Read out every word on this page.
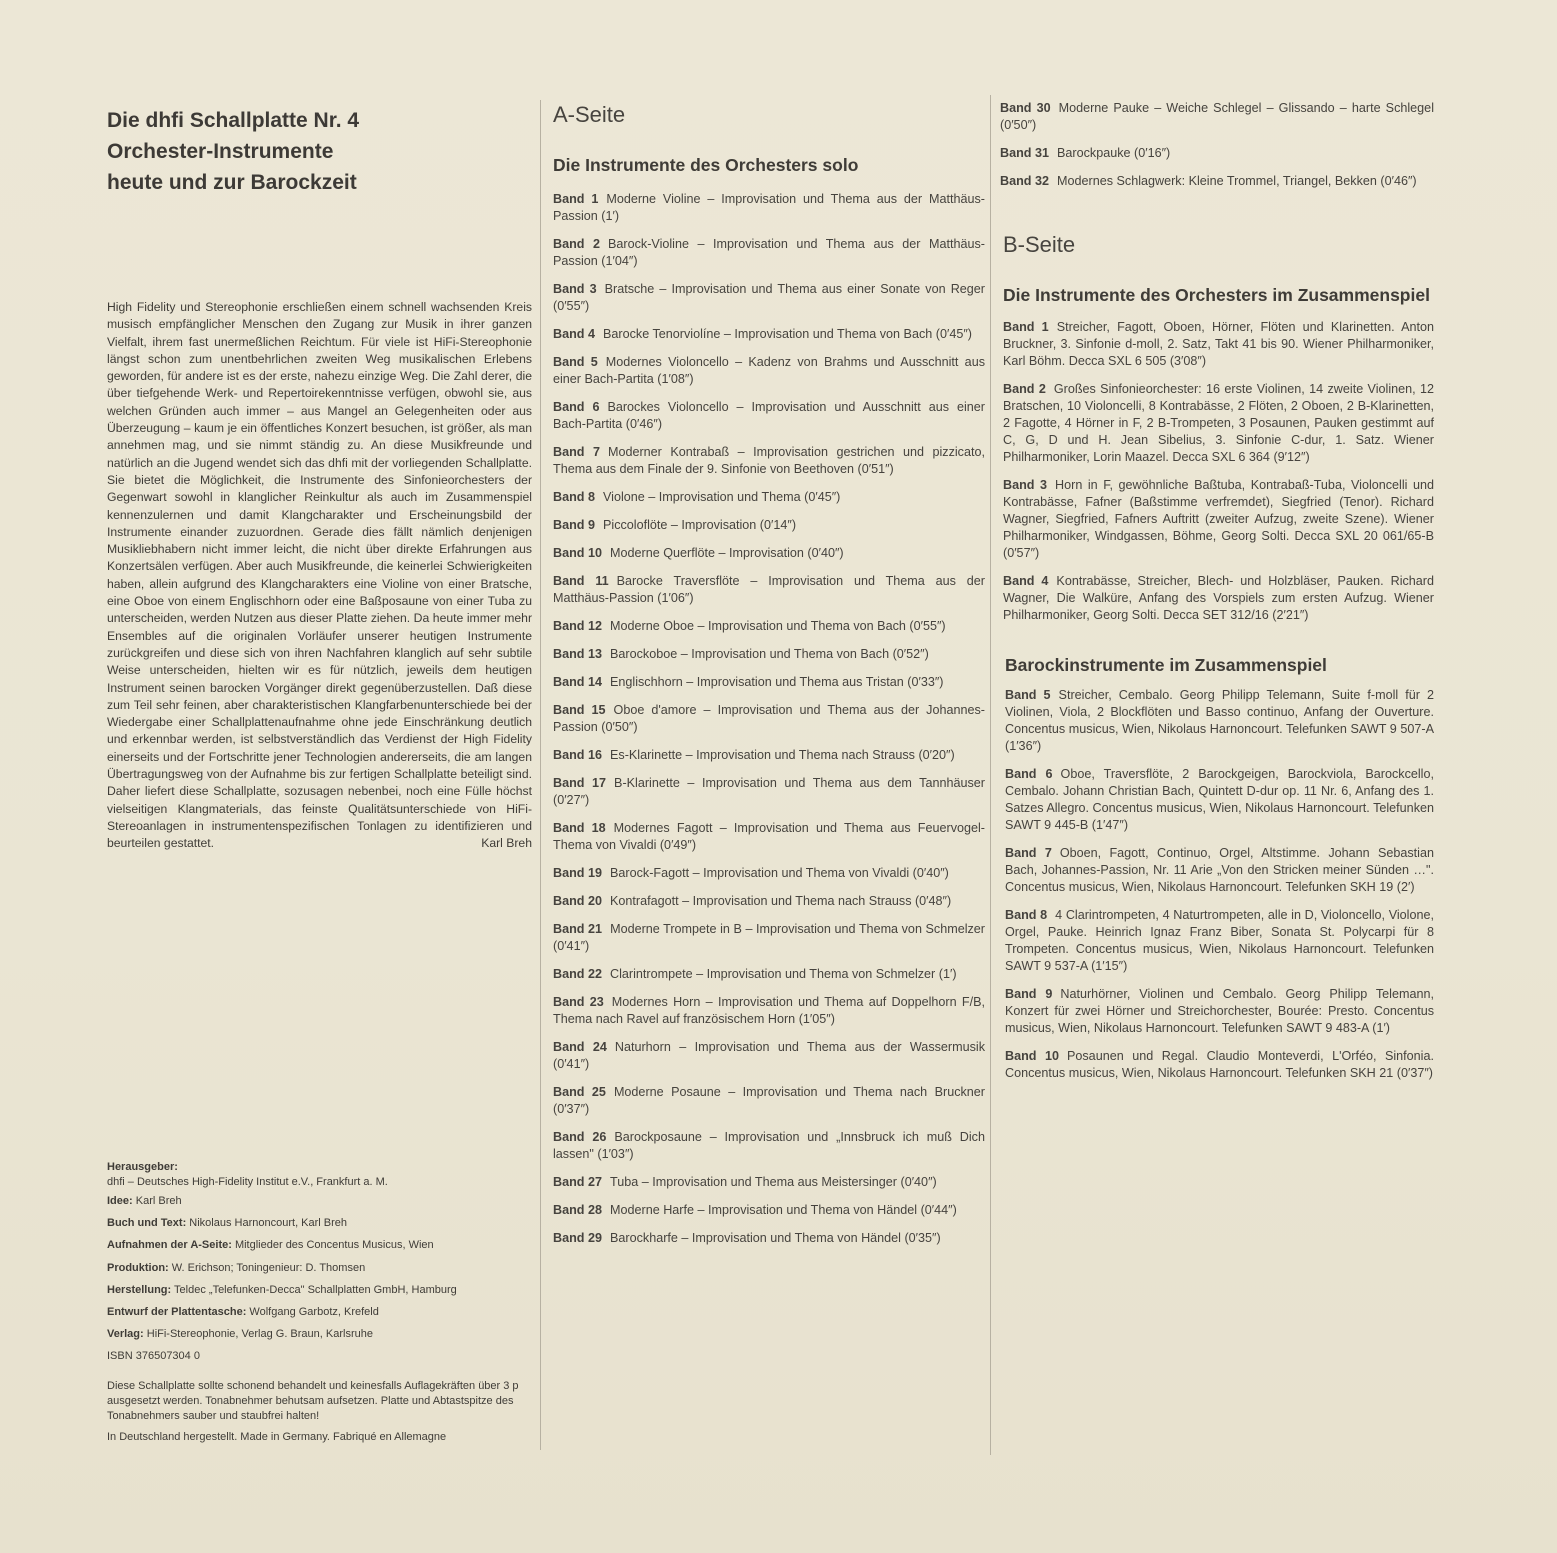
Die dhfi Schallplatte Nr. 4
Orchester-Instrumente
heute und zur Barockzeit

High Fidelity und Stereophonie erschließen einem schnell wachsenden Kreis musisch empfänglicher Menschen den Zugang zur Musik in ihrer ganzen Vielfalt, ihrem fast unermeßlichen Reichtum. Für viele ist HiFi-Stereophonie längst schon zum unentbehrlichen zweiten Weg musikalischen Erlebens geworden, für andere ist es der erste, nahezu einzige Weg. Die Zahl derer, die über tiefgehende Werk- und Repertoirekenntnisse verfügen, obwohl sie, aus welchen Gründen auch immer – aus Mangel an Gelegenheiten oder aus Überzeugung – kaum je ein öffentliches Konzert besuchen, ist größer, als man annehmen mag, und sie nimmt ständig zu. An diese Musikfreunde und natürlich an die Jugend wendet sich das dhfi mit der vorliegenden Schallplatte. Sie bietet die Möglichkeit, die Instrumente des Sinfonieorchesters der Gegenwart sowohl in klanglicher Reinkultur als auch im Zusammenspiel kennenzulernen und damit Klangcharakter und Erscheinungsbild der Instrumente einander zuzuordnen. Gerade dies fällt nämlich denjenigen Musikliebhabern nicht immer leicht, die nicht über direkte Erfahrungen aus Konzertsälen verfügen. Aber auch Musikfreunde, die keinerlei Schwierigkeiten haben, allein aufgrund des Klangcharakters eine Violine von einer Bratsche, eine Oboe von einem Englischhorn oder eine Baßposaune von einer Tuba zu unterscheiden, werden Nutzen aus dieser Platte ziehen. Da heute immer mehr Ensembles auf die originalen Vorläufer unserer heutigen Instrumente zurückgreifen und diese sich von ihren Nachfahren klanglich auf sehr subtile Weise unterscheiden, hielten wir es für nützlich, jeweils dem heutigen Instrument seinen barocken Vorgänger direkt gegenüberzustellen. Daß diese zum Teil sehr feinen, aber charakteristischen Klangfarbenunterschiede bei der Wiedergabe einer Schallplattenaufnahme ohne jede Einschränkung deutlich und erkennbar werden, ist selbstverständlich das Verdienst der High Fidelity einerseits und der Fortschritte jener Technologien andererseits, die am langen Übertragungsweg von der Aufnahme bis zur fertigen Schallplatte beteiligt sind. Daher liefert diese Schallplatte, sozusagen nebenbei, noch eine Fülle höchst vielseitigen Klangmaterials, das feinste Qualitätsunterschiede von HiFi-Stereoanlagen in instrumentenspezifischen Tonlagen zu identifizieren und beurteilen gestattet.	Karl Breh

Herausgeber:
dhfi – Deutsches High-Fidelity Institut e.V., Frankfurt a. M.
Idee: Karl Breh
Buch und Text: Nikolaus Harnoncourt, Karl Breh
Aufnahmen der A-Seite: Mitglieder des Concentus Musicus, Wien
Produktion: W. Erichson; Toningenieur: D. Thomsen
Herstellung: Teldec „Telefunken-Decca" Schallplatten GmbH, Hamburg
Entwurf der Plattentasche: Wolfgang Garbotz, Krefeld
Verlag: HiFi-Stereophonie, Verlag G. Braun, Karlsruhe
ISBN 376507304 0

Diese Schallplatte sollte schonend behandelt und keinesfalls Auflagekräften über 3 p ausgesetzt werden. Tonabnehmer behutsam aufsetzen. Platte und Abtastspitze des Tonabnehmers sauber und staubfrei halten!

In Deutschland hergestellt. Made in Germany. Fabriqué en Allemagne

A-Seite
Die Instrumente des Orchesters solo

Band 1 Moderne Violine – Improvisation und Thema aus der Matthäus-Passion (1′)

Band 2 Barock-Violine – Improvisation und Thema aus der Matthäus-Passion (1′04″)

Band 3 Bratsche – Improvisation und Thema aus einer Sonate von Reger (0′55″)

Band 4 Barocke Tenorviolíne – Improvisation und Thema von Bach (0′45″)

Band 5 Modernes Violoncello – Kadenz von Brahms und Ausschnitt aus einer Bach-Partita (1′08″)

Band 6 Barockes Violoncello – Improvisation und Ausschnitt aus einer Bach-Partita (0′46″)

Band 7 Moderner Kontrabaß – Improvisation gestrichen und pizzicato, Thema aus dem Finale der 9. Sinfonie von Beethoven (0′51″)

Band 8 Violone – Improvisation und Thema (0′45″)

Band 9 Piccoloflöte – Improvisation (0′14″)

Band 10 Moderne Querflöte – Improvisation (0′40″)

Band 11 Barocke Traversflöte – Improvisation und Thema aus der Matthäus-Passion (1′06″)

Band 12 Moderne Oboe – Improvisation und Thema von Bach (0′55″)

Band 13 Barockoboe – Improvisation und Thema von Bach (0′52″)

Band 14 Englischhorn – Improvisation und Thema aus Tristan (0′33″)

Band 15 Oboe d'amore – Improvisation und Thema aus der Johannes-Passion (0′50″)

Band 16 Es-Klarinette – Improvisation und Thema nach Strauss (0′20″)

Band 17 B-Klarinette – Improvisation und Thema aus dem Tannhäuser (0′27″)

Band 18 Modernes Fagott – Improvisation und Thema aus Feuervogel-Thema von Vivaldi (0′49″)

Band 19 Barock-Fagott – Improvisation und Thema von Vivaldi (0′40″)

Band 20 Kontrafagott – Improvisation und Thema nach Strauss (0′48″)

Band 21 Moderne Trompete in B – Improvisation und Thema von Schmelzer (0′41″)

Band 22 Clarintrompete – Improvisation und Thema von Schmelzer (1′)

Band 23 Modernes Horn – Improvisation und Thema auf Doppelhorn F/B, Thema nach Ravel auf französischem Horn (1′05″)

Band 24 Naturhorn – Improvisation und Thema aus der Wassermusik (0′41″)

Band 25 Moderne Posaune – Improvisation und Thema nach Bruckner (0′37″)

Band 26 Barockposaune – Improvisation und „Innsbruck ich muß Dich lassen" (1′03″)

Band 27 Tuba – Improvisation und Thema aus Meistersinger (0′40″)

Band 28 Moderne Harfe – Improvisation und Thema von Händel (0′44″)

Band 29 Barockharfe – Improvisation und Thema von Händel (0′35″)

Band 30 Moderne Pauke – Weiche Schlegel – Glissando – harte Schlegel (0′50″)

Band 31 Barockpauke (0′16″)

Band 32 Modernes Schlagwerk: Kleine Trommel, Triangel, Bekken (0′46″)

B-Seite
Die Instrumente des Orchesters im Zusammenspiel

Band 1 Streicher, Fagott, Oboen, Hörner, Flöten und Klarinetten. Anton Bruckner, 3. Sinfonie d-moll, 2. Satz, Takt 41 bis 90. Wiener Philharmoniker, Karl Böhm. Decca SXL 6 505 (3′08″)

Band 2 Großes Sinfonieorchester: 16 erste Violinen, 14 zweite Violinen, 12 Bratschen, 10 Violoncelli, 8 Kontrabässe, 2 Flöten, 2 Oboen, 2 B-Klarinetten, 2 Fagotte, 4 Hörner in F, 2 B-Trompeten, 3 Posaunen, Pauken gestimmt auf C, G, D und H. Jean Sibelius, 3. Sinfonie C-dur, 1. Satz. Wiener Philharmoniker, Lorin Maazel. Decca SXL 6 364 (9′12″)

Band 3 Horn in F, gewöhnliche Baßtuba, Kontrabaß-Tuba, Violoncelli und Kontrabässe, Fafner (Baßstimme verfremdet), Siegfried (Tenor). Richard Wagner, Siegfried, Fafners Auftritt (zweiter Aufzug, zweite Szene). Wiener Philharmoniker, Windgassen, Böhme, Georg Solti. Decca SXL 20 061/65-B (0′57″)

Band 4 Kontrabässe, Streicher, Blech- und Holzbläser, Pauken. Richard Wagner, Die Walküre, Anfang des Vorspiels zum ersten Aufzug. Wiener Philharmoniker, Georg Solti. Decca SET 312/16 (2′21″)

Barockinstrumente im Zusammenspiel

Band 5 Streicher, Cembalo. Georg Philipp Telemann, Suite f-moll für 2 Violinen, Viola, 2 Blockflöten und Basso continuo, Anfang der Ouverture. Concentus musicus, Wien, Nikolaus Harnoncourt. Telefunken SAWT 9 507-A (1′36″)

Band 6 Oboe, Traversflöte, 2 Barockgeigen, Barockviola, Barockcello, Cembalo. Johann Christian Bach, Quintett D-dur op. 11 Nr. 6, Anfang des 1. Satzes Allegro. Concentus musicus, Wien, Nikolaus Harnoncourt. Telefunken SAWT 9 445-B (1′47″)

Band 7 Oboen, Fagott, Continuo, Orgel, Altstimme. Johann Sebastian Bach, Johannes-Passion, Nr. 11 Arie „Von den Stricken meiner Sünden …". Concentus musicus, Wien, Nikolaus Harnoncourt. Telefunken SKH 19 (2′)

Band 8 4 Clarintrompeten, 4 Naturtrompeten, alle in D, Violoncello, Violone, Orgel, Pauke. Heinrich Ignaz Franz Biber, Sonata St. Polycarpi für 8 Trompeten. Concentus musicus, Wien, Nikolaus Harnoncourt. Telefunken SAWT 9 537-A (1′15″)

Band 9 Naturhörner, Violinen und Cembalo. Georg Philipp Telemann, Konzert für zwei Hörner und Streichorchester, Bourée: Presto. Concentus musicus, Wien, Nikolaus Harnoncourt. Telefunken SAWT 9 483-A (1′)

Band 10 Posaunen und Regal. Claudio Monteverdi, L'Orféo, Sinfonia. Concentus musicus, Wien, Nikolaus Harnoncourt. Telefunken SKH 21 (0′37″)
